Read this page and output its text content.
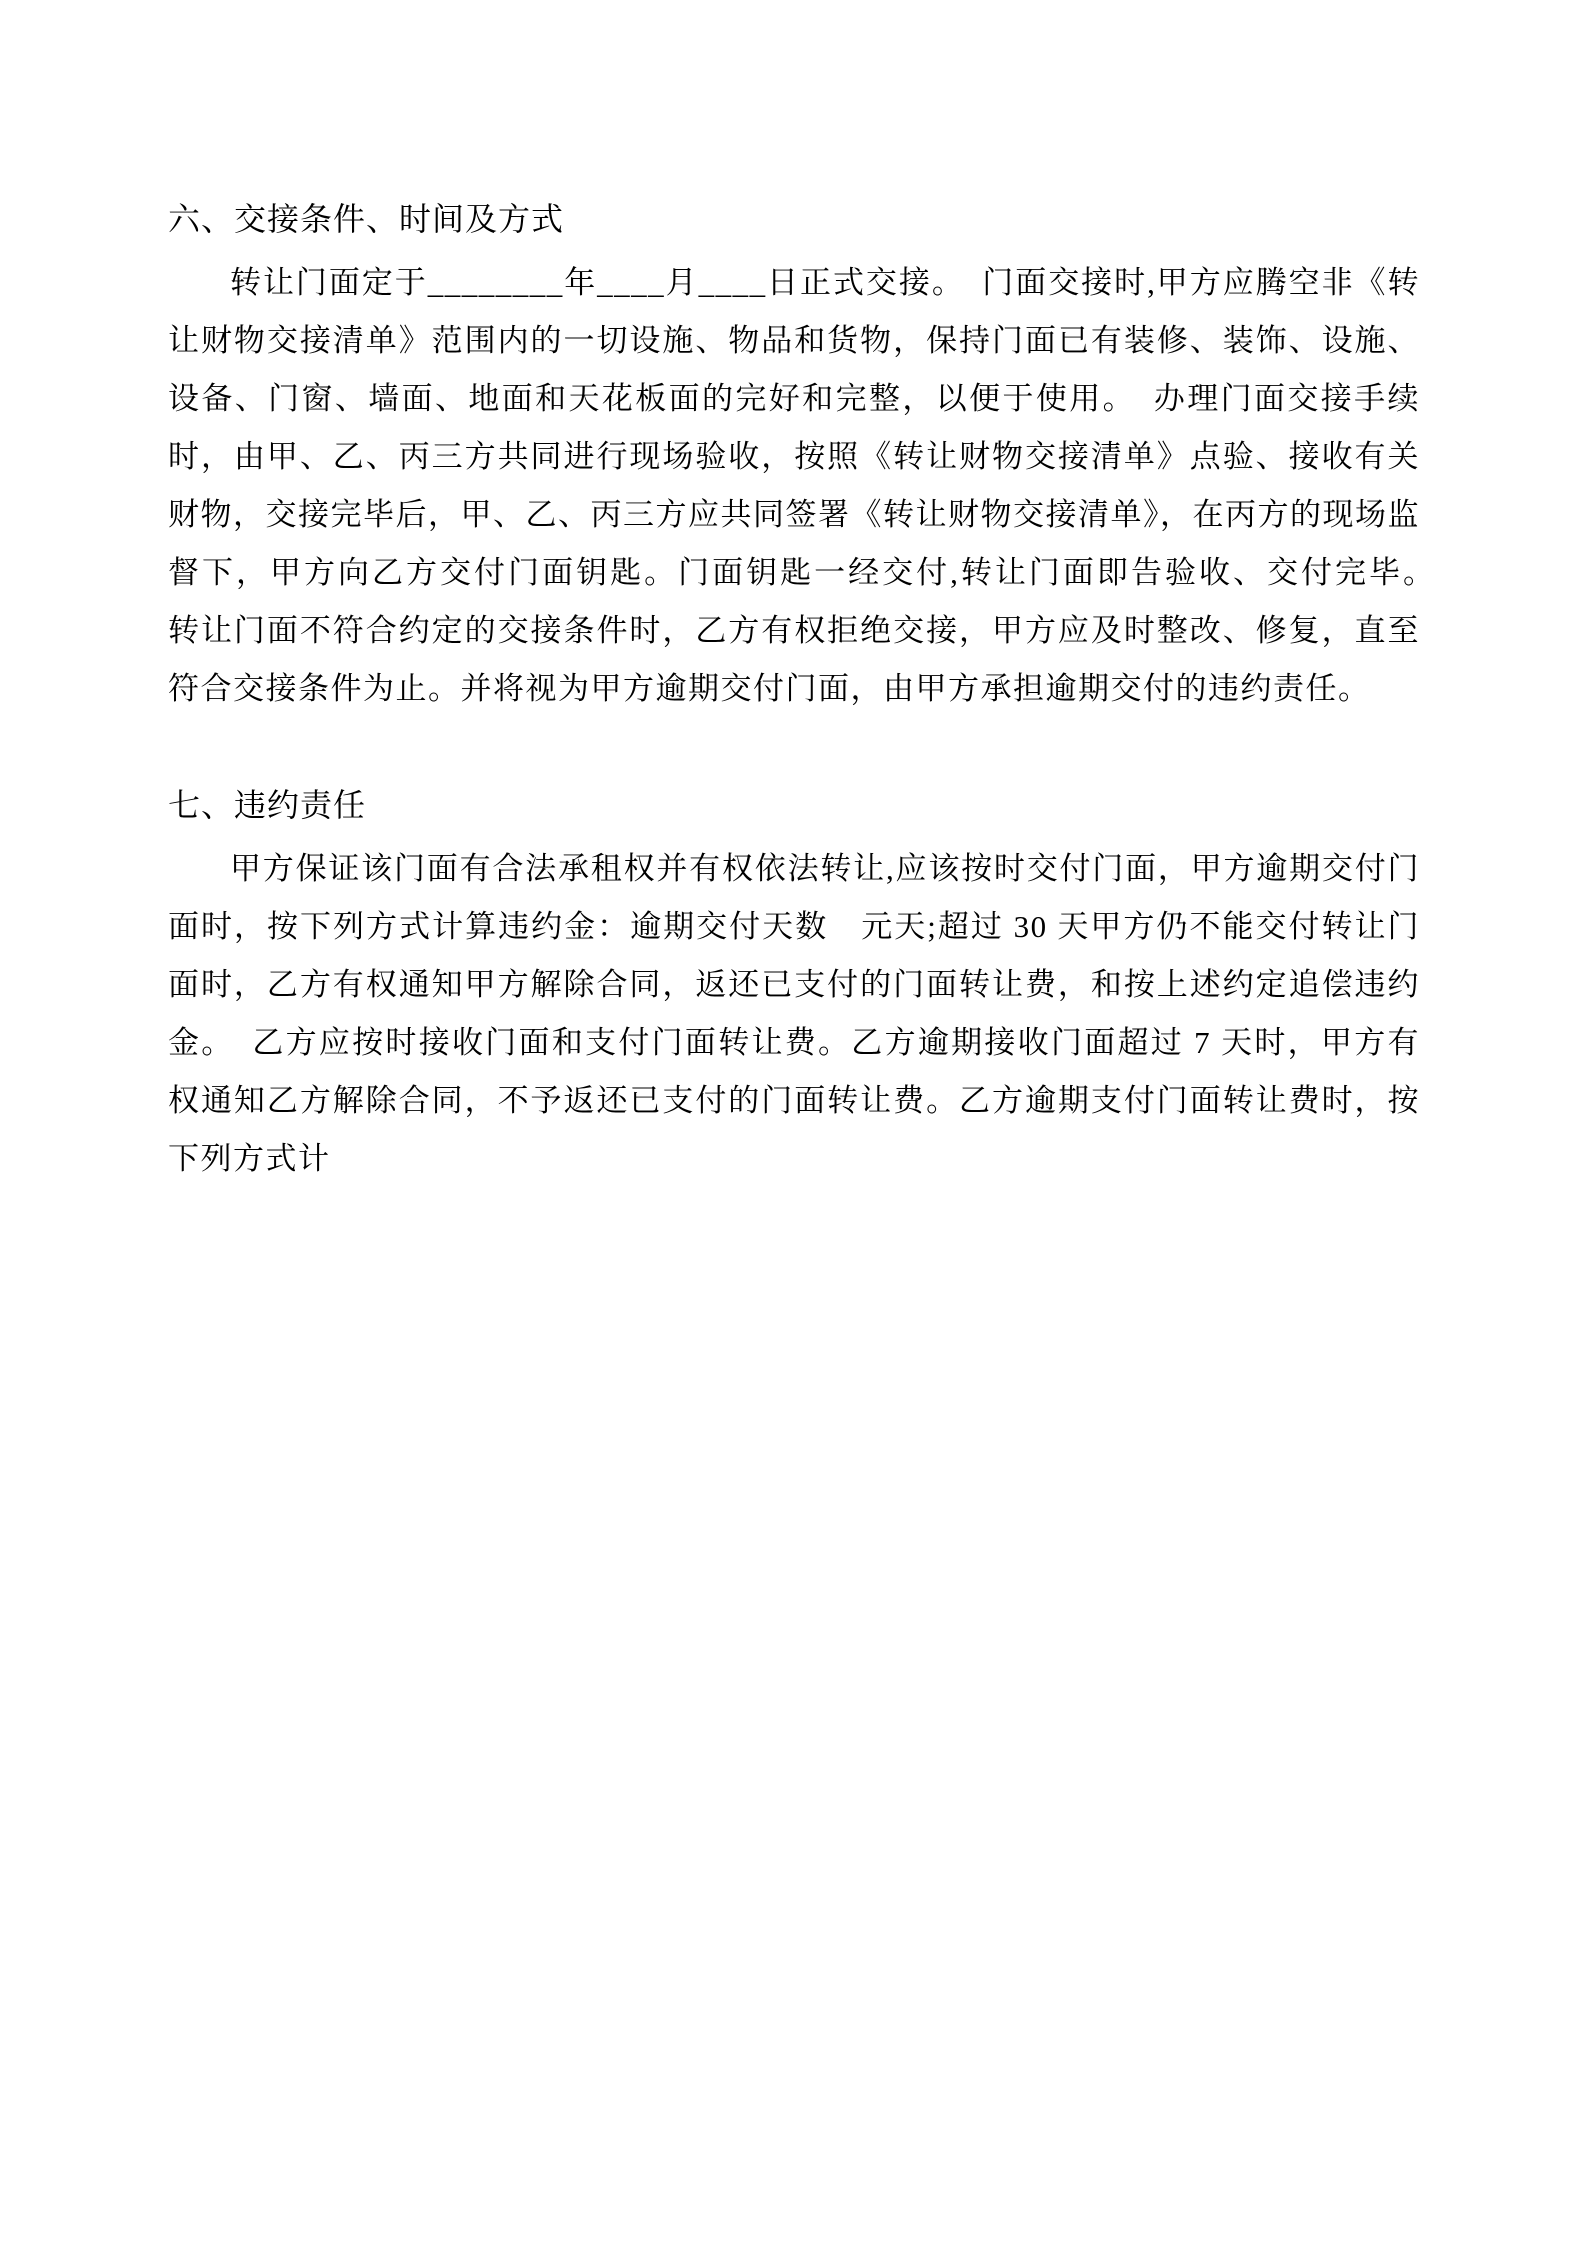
六、交接条件、时间及方式

转让门面定于________年____月____日正式交接。　门面交接时,甲方应腾空非《转让财物交接清单》范围内的一切设施、物品和货物，保持门面已有装修、装饰、设施、设备、门窗、墙面、地面和天花板面的完好和完整，以便于使用。　办理门面交接手续时，由甲、乙、丙三方共同进行现场验收，按照《转让财物交接清单》点验、接收有关财物，交接完毕后，甲、乙、丙三方应共同签署《转让财物交接清单》，在丙方的现场监督下，甲方向乙方交付门面钥匙。门面钥匙一经交付,转让门面即告验收、交付完毕。　转让门面不符合约定的交接条件时，乙方有权拒绝交接，甲方应及时整改、修复，直至符合交接条件为止。并将视为甲方逾期交付门面，由甲方承担逾期交付的违约责任。

七、违约责任

甲方保证该门面有合法承租权并有权依法转让,应该按时交付门面，甲方逾期交付门面时，按下列方式计算违约金：逾期交付天数　元天;超过 30 天甲方仍不能交付转让门面时，乙方有权通知甲方解除合同，返还已支付的门面转让费，和按上述约定追偿违约金。　乙方应按时接收门面和支付门面转让费。乙方逾期接收门面超过 7 天时，甲方有权通知乙方解除合同，不予返还已支付的门面转让费。乙方逾期支付门面转让费时，按下列方式计
